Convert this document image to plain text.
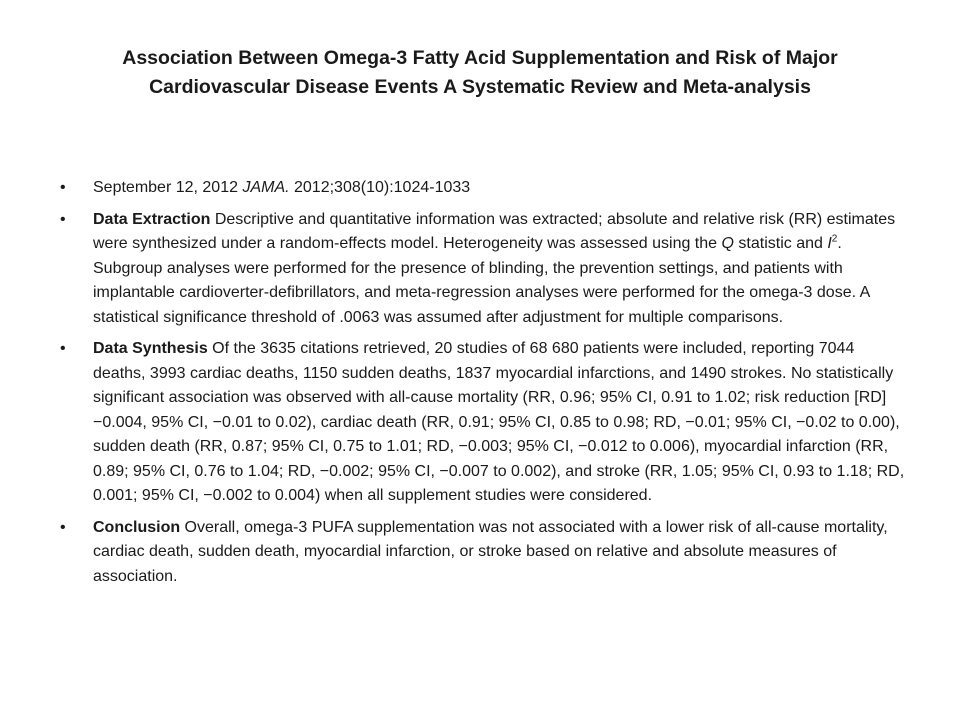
Association Between Omega-3 Fatty Acid Supplementation and Risk of Major
Cardiovascular Disease Events A Systematic Review and Meta-analysis
• September 12, 2012 JAMA. 2012;308(10):1024-1033
• Data Extraction Descriptive and quantitative information was extracted; absolute and relative risk (RR) estimates were synthesized under a random-effects model. Heterogeneity was assessed using the Q statistic and $I^2$. Subgroup analyses were performed for the presence of blinding, the prevention settings, and patients with implantable cardioverter-defibrillators, and meta-regression analyses were performed for the omega-3 dose. A statistical significance threshold of .0063 was assumed after adjustment for multiple comparisons.
• Data Synthesis Of the 3635 citations retrieved, 20 studies of 68 680 patients were included, reporting 7044 deaths, 3993 cardiac deaths, 1150 sudden deaths, 1837 myocardial infarctions, and 1490 strokes. No statistically significant association was observed with all-cause mortality (RR, 0.96; 95% CI, 0.91 to 1.02; risk reduction [RD] −0.004, 95% CI, −0.01 to 0.02), cardiac death (RR, 0.91; 95% CI, 0.85 to 0.98; RD, −0.01; 95% CI, −0.02 to 0.00), sudden death (RR, 0.87; 95% CI, 0.75 to 1.01; RD, −0.003; 95% CI, −0.012 to 0.006), myocardial infarction (RR, 0.89; 95% CI, 0.76 to 1.04; RD, −0.002; 95% CI, −0.007 to 0.002), and stroke (RR, 1.05; 95% CI, 0.93 to 1.18; RD, 0.001; 95% CI, −0.002 to 0.004) when all supplement studies were considered.
• Conclusion Overall, omega-3 PUFA supplementation was not associated with a lower risk of all-cause mortality, cardiac death, sudden death, myocardial infarction, or stroke based on relative and absolute measures of association.
